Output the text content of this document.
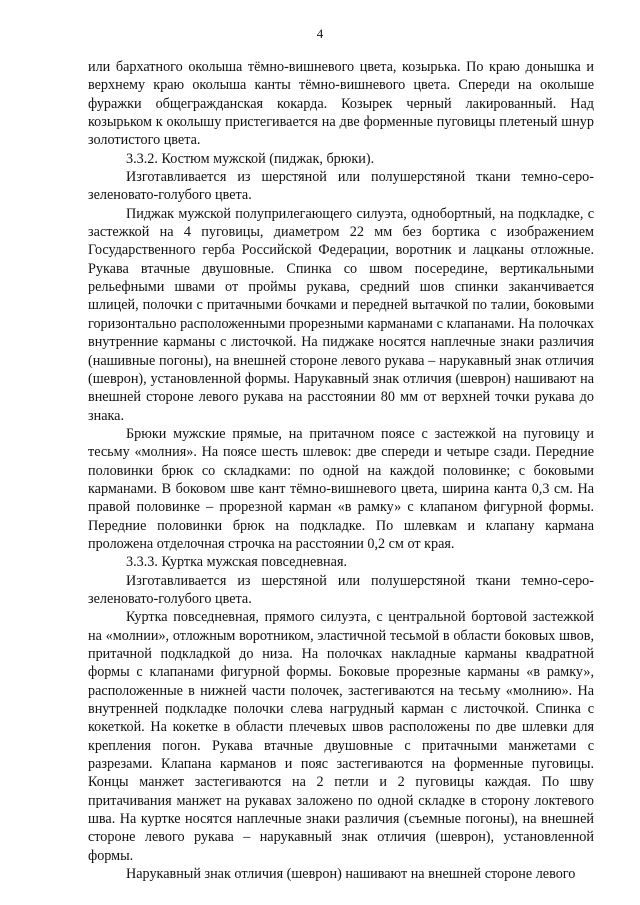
4

или бархатного околыша тёмно-вишневого цвета, козырька. По краю донышка и верхнему краю околыша канты тёмно-вишневого цвета. Спереди на околыше фуражки общегражданская кокарда. Козырек черный лакированный. Над козырьком к околышу пристегивается на две форменные пуговицы плетеный шнур золотистого цвета.

3.3.2. Костюм мужской (пиджак, брюки).

Изготавливается из шерстяной или полушерстяной ткани темно-серо-зеленовато-голубого цвета.

Пиджак мужской полуприлегающего силуэта, однобортный, на подкладке, с застежкой на 4 пуговицы, диаметром 22 мм без бортика с изображением Государственного герба Российской Федерации, воротник и лацканы отложные. Рукава втачные двушовные. Спинка со швом посередине, вертикальными рельефными швами от проймы рукава, средний шов спинки заканчивается шлицей, полочки с притачными бочками и передней вытачкой по талии, боковыми горизонтально расположенными прорезными карманами с клапанами. На полочках внутренние карманы с листочкой. На пиджаке носятся наплечные знаки различия (нашивные погоны), на внешней стороне левого рукава – нарукавный знак отличия (шеврон), установленной формы. Нарукавный знак отличия (шеврон) нашивают на внешней стороне левого рукава на расстоянии 80 мм от верхней точки рукава до знака.

Брюки мужские прямые, на притачном поясе с застежкой на пуговицу и тесьму «молния». На поясе шесть шлевок: две спереди и четыре сзади. Передние половинки брюк со складками: по одной на каждой половинке; с боковыми карманами. В боковом шве кант тёмно-вишневого цвета, ширина канта 0,3 см. На правой половинке – прорезной карман «в рамку» с клапаном фигурной формы. Передние половинки брюк на подкладке. По шлевкам и клапану кармана проложена отделочная строчка на расстоянии 0,2 см от края.

3.3.3. Куртка мужская повседневная.

Изготавливается из шерстяной или полушерстяной ткани темно-серо-зеленовато-голубого цвета.

Куртка повседневная, прямого силуэта, с центральной бортовой застежкой на «молнии», отложным воротником, эластичной тесьмой в области боковых швов, притачной подкладкой до низа. На полочках накладные карманы квадратной формы с клапанами фигурной формы. Боковые прорезные карманы «в рамку», расположенные в нижней части полочек, застегиваются на тесьму «молнию». На внутренней подкладке полочки слева нагрудный карман с листочкой. Спинка с кокеткой. На кокетке в области плечевых швов расположены по две шлевки для крепления погон. Рукава втачные двушовные с притачными манжетами с разрезами. Клапана карманов и пояс застегиваются на форменные пуговицы. Концы манжет застегиваются на 2 петли и 2 пуговицы каждая. По шву притачивания манжет на рукавах заложено по одной складке в сторону локтевого шва. На куртке носятся наплечные знаки различия (съемные погоны), на внешней стороне левого рукава – нарукавный знак отличия (шеврон), установленной формы.

Нарукавный знак отличия (шеврон) нашивают на внешней стороне левого
